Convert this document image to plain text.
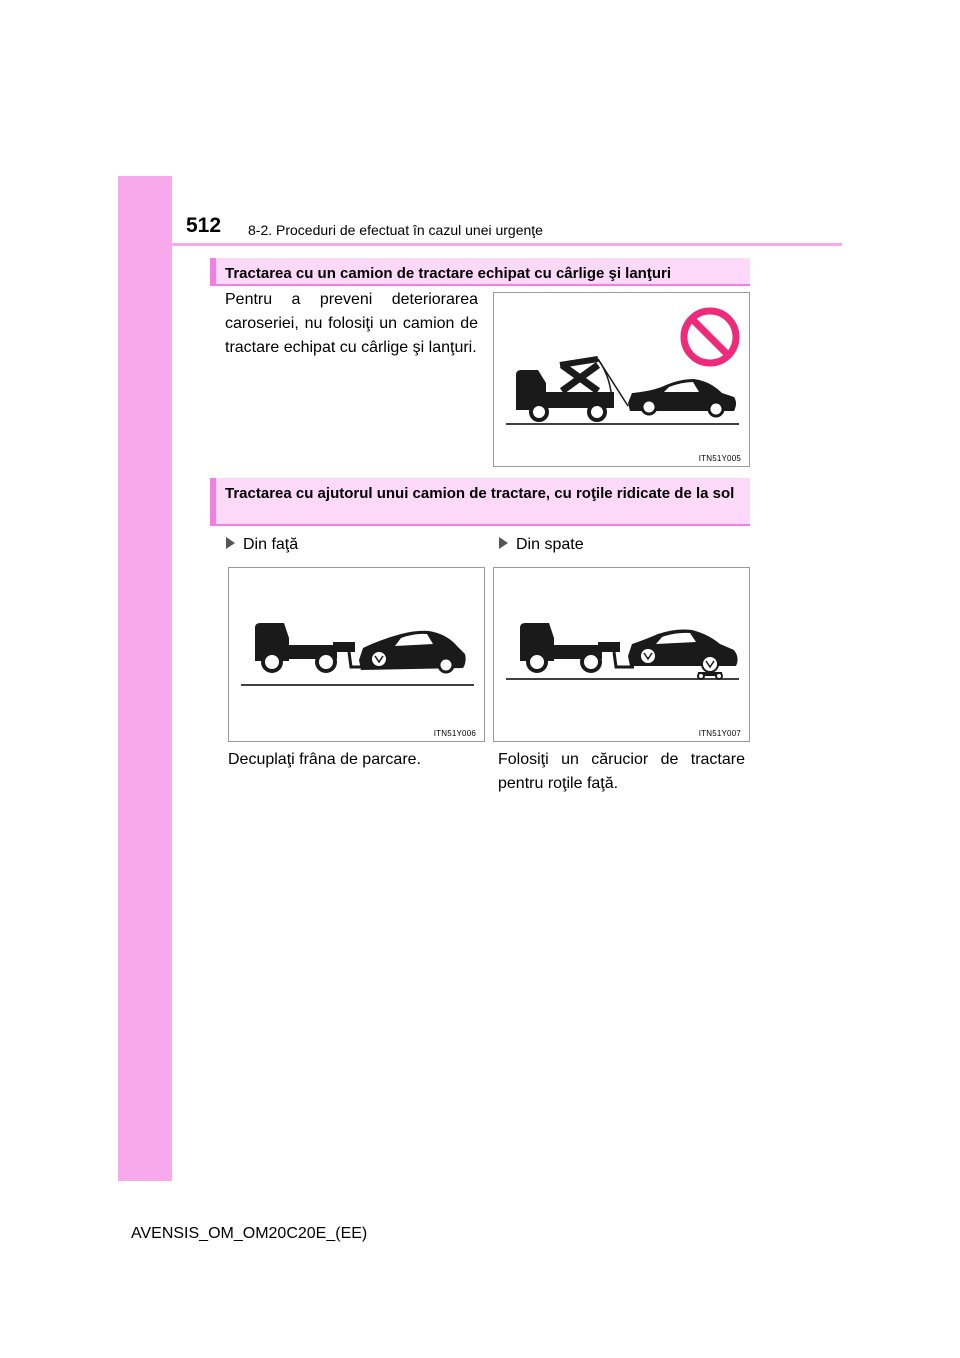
512 8-2. Proceduri de efectuat în cazul unei urgenţe
Tractarea cu un camion de tractare echipat cu cârlige şi lanţuri
Pentru a preveni deteriorarea caroseriei, nu folosiţi un camion de tractare echipat cu cârlige şi lanţuri.
ITN51Y005
Tractarea cu ajutorul unui camion de tractare, cu roţile ridicate de la sol
Din faţă	Din spate
ITN51Y006	ITN51Y007
Decuplaţi frâna de parcare.	Folosiţi un cărucior de tractare pentru roţile faţă.
AVENSIS_OM_OM20C20E_(EE)
